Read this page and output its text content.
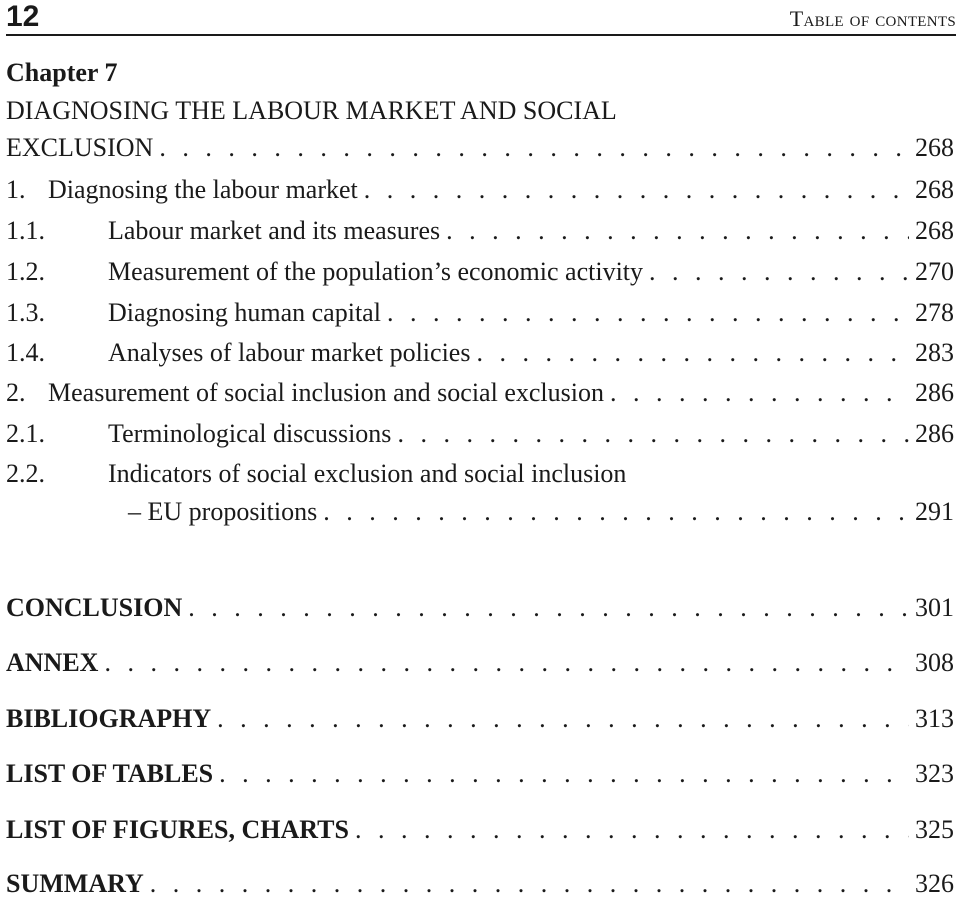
12	Table of contents
Chapter 7
DIAGNOSING THE LABOUR MARKET AND SOCIAL
EXCLUSION . . .	268
1. Diagnosing the labour market . . .	268
1.1.	Labour market and its measures . . .	268
1.2.	Measurement of the population’s economic activity . . .	270
1.3.	Diagnosing human capital . . .	278
1.4.	Analyses of labour market policies . . .	283
2. Measurement of social inclusion and social exclusion . . .	286
2.1.	Terminological discussions . . .	286
2.2. Indicators of social exclusion and social inclusion
– EU propositions . . .	291
CONCLUSION . . .	301
ANNEX . . .	308
BIBLIOGRAPHY . . .	313
LIST OF TABLES . . .	323
LIST OF FIGURES, CHARTS . . .	325
SUMMARY . . .	326
